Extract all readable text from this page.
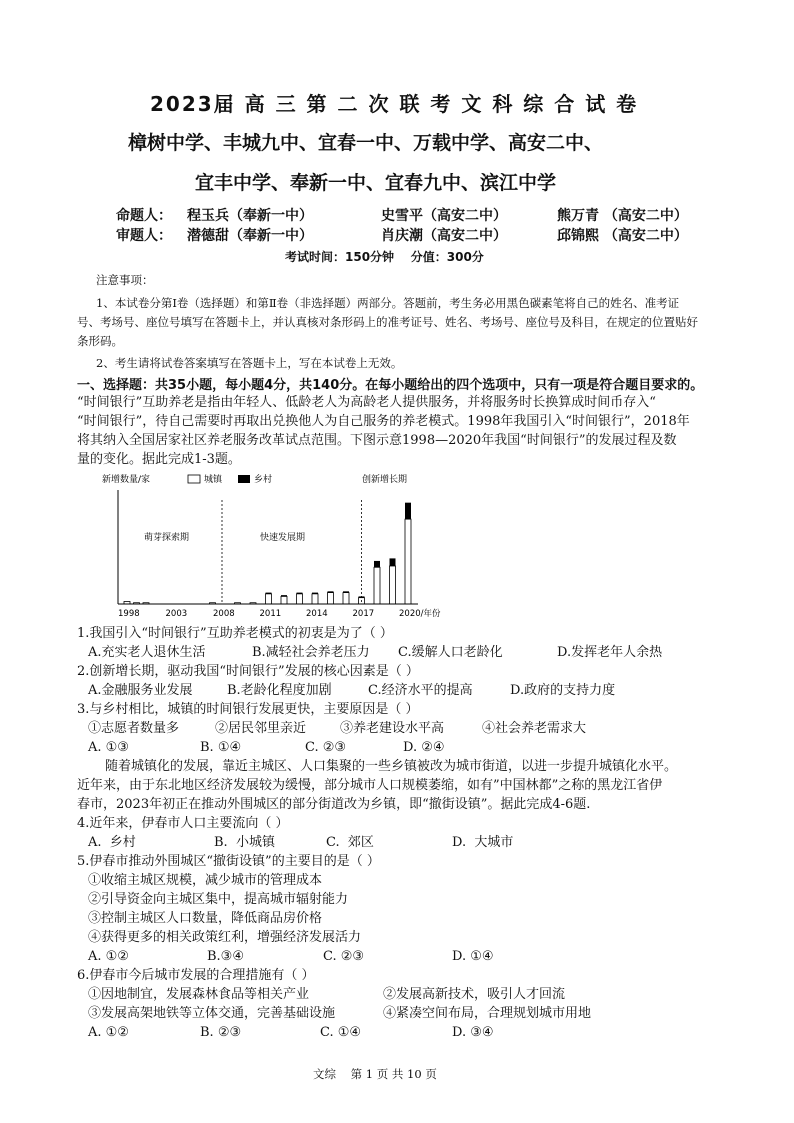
2023届 高 三 第 二 次 联 考 文 科 综 合 试 卷
樟树中学、丰城九中、宜春一中、万载中学、高安二中、
宜丰中学、奉新一中、宜春九中、滨江中学
命题人： 程玉兵（奉新一中）	史雪平（高安二中）	熊万青 （高安二中）
审题人： 潜德甜（奉新一中）	肖庆潮（高安二中）	邱锦熙 （高安二中）
考试时间：150分钟    分值：300分
注意事项：
1、本试卷分第Ⅰ卷（选择题）和第Ⅱ卷（非选择题）两部分。答题前，考生务必用黑色碳素笔将自己的姓名、准考证
号、考场号、座位号填写在答题卡上，并认真核对条形码上的准考证号、姓名、考场号、座位号及科目，在规定的位置贴好
条形码。
2、考生请将试卷答案填写在答题卡上，写在本试卷上无效。
一、选择题：共35小题，每小题4分，共140分。在每小题给出的四个选项中，只有一项是符合题目要求的。
“时间银行”互助养老是指由年轻人、低龄老人为高龄老人提供服务，并将服务时长换算成时间币存入“
“时间银行”，待自己需要时再取出兑换他人为自己服务的养老模式。1998年我国引入“时间银行”，2018年
将其纳入全国居家社区养老服务改革试点范围。下图示意1998—2020年我国“时间银行”的发展过程及数
量的变化。据此完成1-3题。
新增数量/家	城镇	乡村
萌芽探索期	快速发展期
创新增长期
1998	2003	2008	2011	2014	2017	2020/年份
1.我国引入“时间银行”互助养老模式的初衷是为了（ ）
A.充实老人退休生活	B.减轻社会养老压力 C.缓解人口老龄化	D.发挥老年人余热
2.创新增长期，驱动我国“时间银行”发展的核心因素是（ ）
A.金融服务业发展	B.老龄化程度加剧	C.经济水平的提高	D.政府的支持力度
3.与乡村相比，城镇的时间银行发展更快，主要原因是（ ）
①志愿者数量多	②居民邻里亲近	③养老建设水平高	④社会养老需求大
A. ①③	B. ①④	C. ②③	D. ②④
随着城镇化的发展，靠近主城区、人口集聚的一些乡镇被改为城市街道，以进一步提升城镇化水平。
近年来，由于东北地区经济发展较为缓慢，部分城市人口规模萎缩，如有”中国林都”之称的黑龙江省伊
春市，2023年初正在推动外围城区的部分街道改为乡镇，即“撤街设镇”。据此完成4-6题.
4.近年来，伊春市人口主要流向（ ）
A.  乡村	B.  小城镇	C.  郊区	D.  大城市
5.伊春市推动外围城区“撤街设镇”的主要目的是（ ）
①收缩主城区规模，减少城市的管理成本
②引导资金向主城区集中，提高城市辐射能力
③控制主城区人口数量，降低商品房价格
④获得更多的相关政策红利，增强经济发展活力
A. ①②	B.③④	C. ②③	D. ①④
6.伊春市今后城市发展的合理措施有（ ）
①因地制宜，发展森林食品等相关产业	②发展高新技术，吸引人才回流
③发展高架地铁等立体交通，完善基础设施	④紧凑空间布局，合理规划城市用地
A. ①②	B. ②③	C. ①④	D. ③④
文综    第 1 页 共 10 页
